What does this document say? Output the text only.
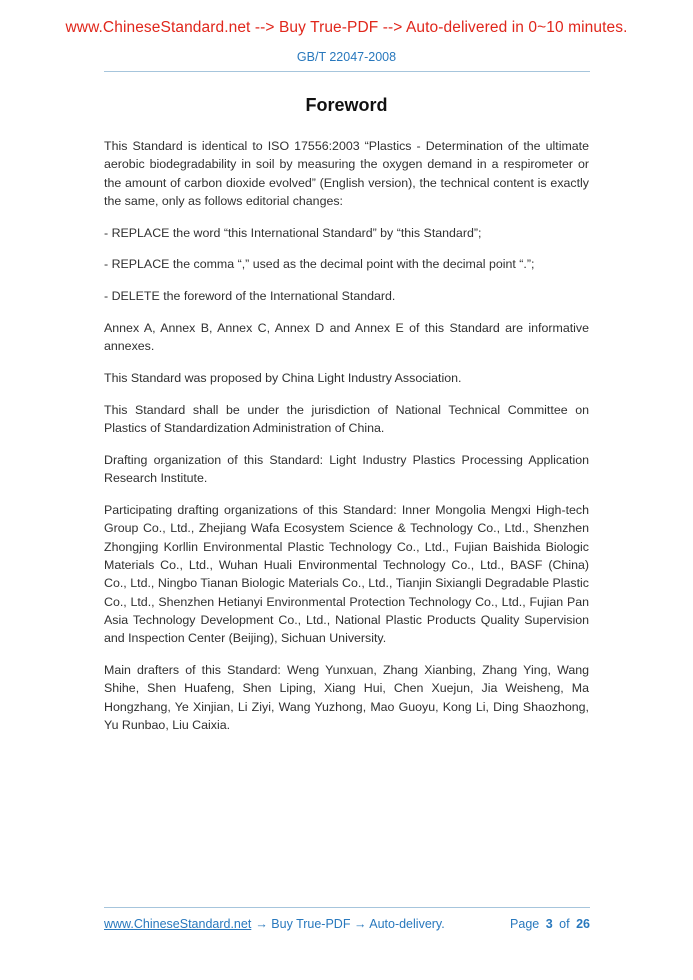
www.ChineseStandard.net --> Buy True-PDF --> Auto-delivered in 0~10 minutes.
GB/T 22047-2008
Foreword

This Standard is identical to ISO 17556:2003 “Plastics - Determination of the ultimate aerobic biodegradability in soil by measuring the oxygen demand in a respirometer or the amount of carbon dioxide evolved” (English version), the technical content is exactly the same, only as follows editorial changes:

- REPLACE the word “this International Standard” by “this Standard”;

- REPLACE the comma “,” used as the decimal point with the decimal point “.”;

- DELETE the foreword of the International Standard.

Annex A, Annex B, Annex C, Annex D and Annex E of this Standard are informative annexes.

This Standard was proposed by China Light Industry Association.

This Standard shall be under the jurisdiction of National Technical Committee on Plastics of Standardization Administration of China.

Drafting organization of this Standard: Light Industry Plastics Processing Application Research Institute.

Participating drafting organizations of this Standard: Inner Mongolia Mengxi High-tech Group Co., Ltd., Zhejiang Wafa Ecosystem Science & Technology Co., Ltd., Shenzhen Zhongjing Korllin Environmental Plastic Technology Co., Ltd., Fujian Baishida Biologic Materials Co., Ltd., Wuhan Huali Environmental Technology Co., Ltd., BASF (China) Co., Ltd., Ningbo Tianan Biologic Materials Co., Ltd., Tianjin Sixiangli Degradable Plastic Co., Ltd., Shenzhen Hetianyi Environmental Protection Technology Co., Ltd., Fujian Pan Asia Technology Development Co., Ltd., National Plastic Products Quality Supervision and Inspection Center (Beijing), Sichuan University.

Main drafters of this Standard: Weng Yunxuan, Zhang Xianbing, Zhang Ying, Wang Shihe, Shen Huafeng, Shen Liping, Xiang Hui, Chen Xuejun, Jia Weisheng, Ma Hongzhang, Ye Xinjian, Li Ziyi, Wang Yuzhong, Mao Guoyu, Kong Li, Ding Shaozhong, Yu Runbao, Liu Caixia.

www.ChineseStandard.net → Buy True-PDF → Auto-delivery.	Page 3 of 26
